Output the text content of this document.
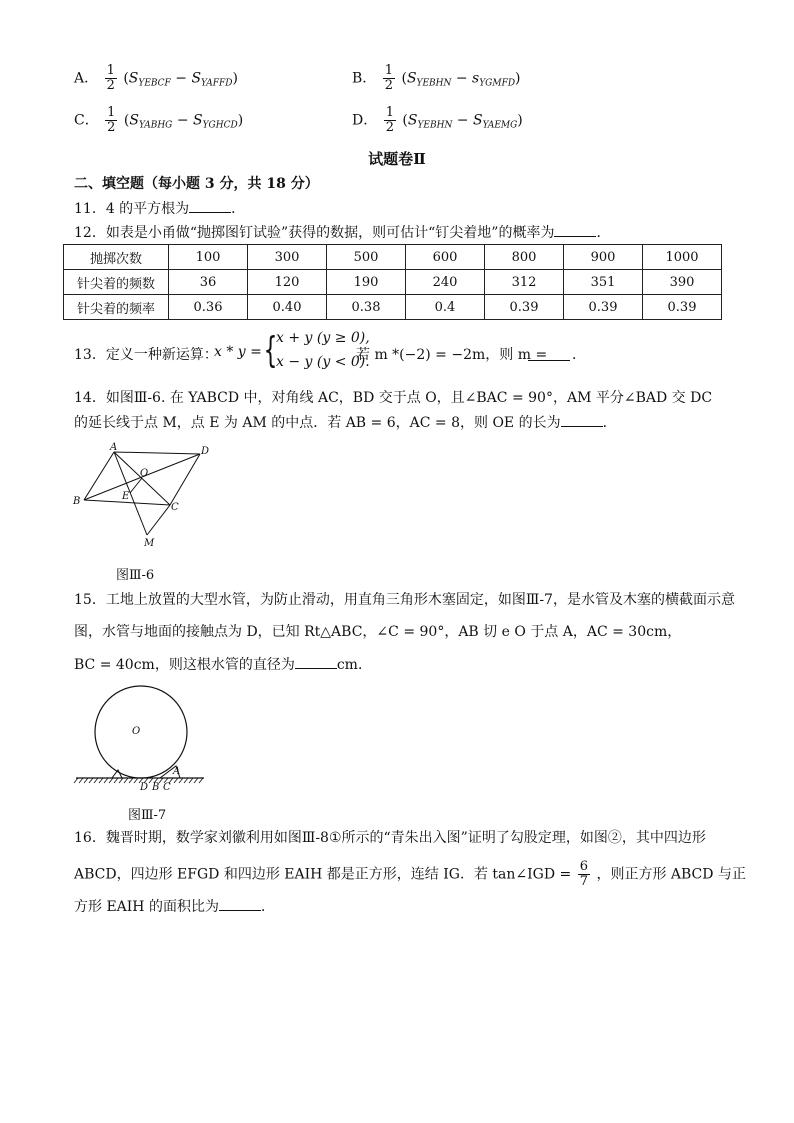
A． $\frac{1}{2} (S_{YEBCF} - S_{YAFFD})$	B． $\frac{1}{2} (S_{YEBHN} - s_{YGMFD})$
C． $\frac{1}{2} (S_{YABHG} - S_{YGHCD})$	D． $\frac{1}{2} (S_{YEBHN} - S_{YAEMG})$
试题卷Ⅱ
二、填空题（每小题 3 分，共 18 分）
11．4 的平方根为	．
12．如表是小甬做“抛掷图钉试验”获得的数据，则可估计“钉尖着地”的概率为	．
抛掷次数	100	300	500	600	800	900	1000
针尖着的频数	36	120	190	240	312	351	390
针尖着的频率	0.36	0.40	0.38	0.4	0.39	0.39	0.39
13．定义一种新运算：
x * y = {
x + y (y ≥ 0),
x − y (y < 0).
若 m *(−2) = −2m，则 m = ．
14．如图Ⅲ-6. 在 YABCD 中，对角线 AC，BD 交于点 O，且∠BAC = 90°，AM 平分∠BAD 交 DC
的延长线于点 M，点 E 为 AM 的中点．若 AB = 6，AC = 8，则 OE 的长为	．
A	D
B
C
O
E
M
图Ⅲ-6
15．工地上放置的大型水管，为防止滑动，用直角三角形木塞固定，如图Ⅲ-7，是水管及木塞的横截面示意
图，水管与地面的接触点为 D，已知 Rt△ABC，∠C = 90°，AB 切 e O 于点 A，AC = 30cm，
BC = 40cm，则这根水管的直径为	cm．
O
A
D B C
图Ⅲ-7
16．魏晋时期，数学家刘徽利用如图Ⅲ-8①所示的“青朱出入图”证明了勾股定理，如图②，其中四边形
ABCD，四边形 EFGD 和四边形 EAIH 都是正方形，连结 IG．若 tan∠IGD = $\frac{6}{7}$ ，则正方形 ABCD 与正
方形 EAIH 的面积比为	．
